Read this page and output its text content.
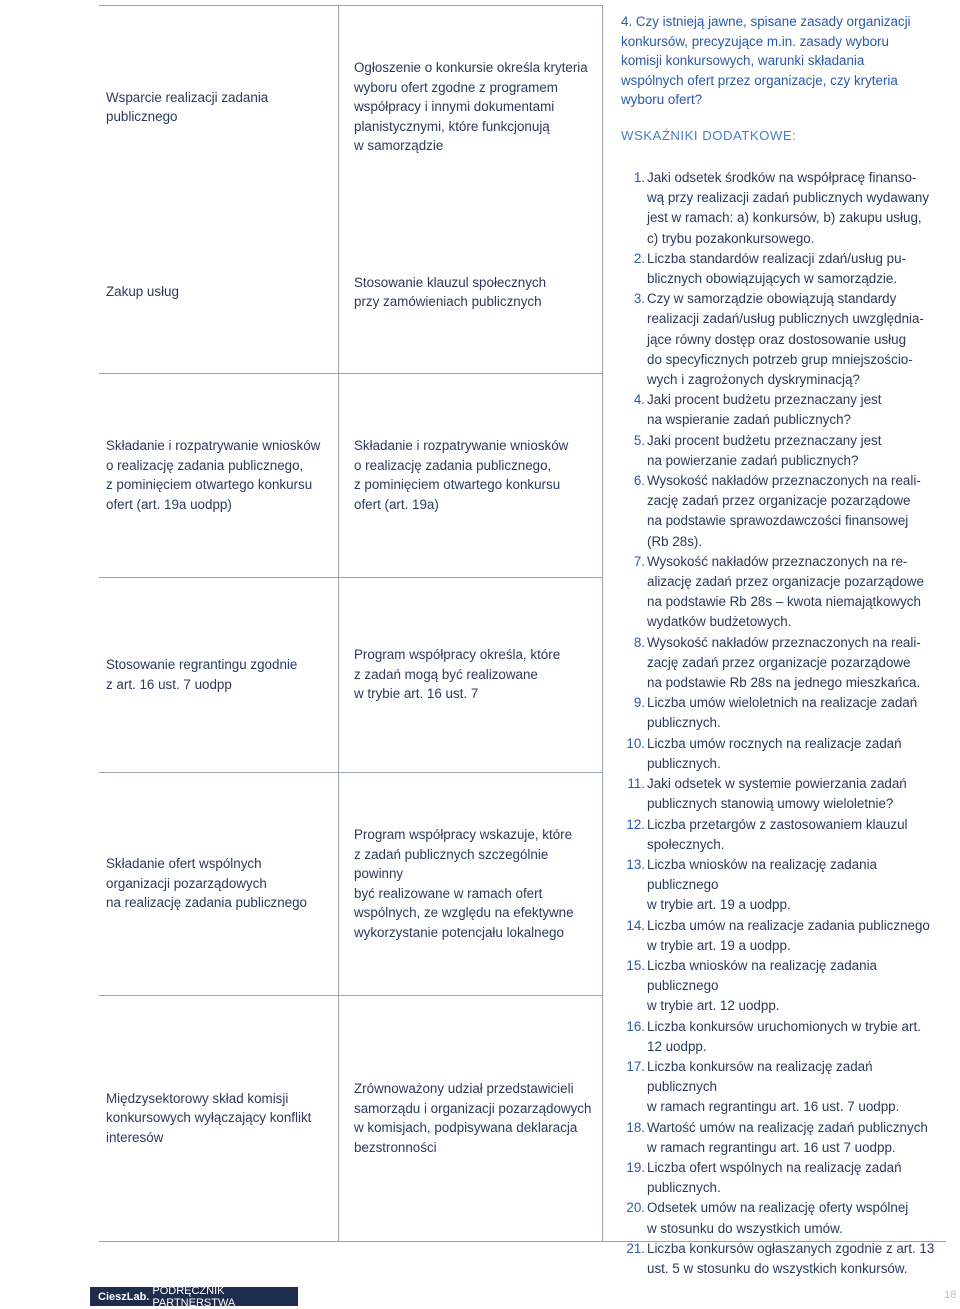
Wsparcie realizacji zadania
publicznego
Ogłoszenie o konkursie określa kryteria
wyboru ofert zgodne z programem
współpracy i innymi dokumentami
planistycznymi, które funkcjonują
w samorządzie
Zakup usług
Stosowanie klauzul społecznych
przy zamówieniach publicznych
Składanie i rozpatrywanie wniosków
o realizację zadania publicznego,
z pominięciem otwartego konkursu
ofert (art. 19a uodpp)
Składanie i rozpatrywanie wniosków
o realizację zadania publicznego,
z pominięciem otwartego konkursu
ofert (art. 19a)
Stosowanie regrantingu zgodnie
z art. 16 ust. 7 uodpp
Program współpracy określa, które
z zadań mogą być realizowane
w trybie art. 16 ust. 7
Składanie ofert wspólnych
organizacji pozarządowych
na realizację zadania publicznego
Program współpracy wskazuje, które
z zadań publicznych szczególnie powinny
być realizowane w ramach ofert
wspólnych, ze względu na efektywne
wykorzystanie potencjału lokalnego
Międzysektorowy skład komisji
konkursowych wyłączający konflikt
interesów
Zrównoważony udział przedstawicieli
samorządu i organizacji pozarządowych
w komisjach, podpisywana deklaracja
bezstronności
4. Czy istnieją jawne, spisane zasady organizacji
konkursów, precyzujące m.in. zasady wyboru
komisji konkursowych, warunki składania
wspólnych ofert przez organizacje, czy kryteria
wyboru ofert?
WSKAŹNIKI DODATKOWE:
1. Jaki odsetek środków na współpracę finanso-
wą przy realizacji zadań publicznych wydawany
jest w ramach: a) konkursów, b) zakupu usług,
c) trybu pozakonkursowego.
2. Liczba standardów realizacji zdań/usług pu-
blicznych obowiązujących w samorządzie.
3. Czy w samorządzie obowiązują standardy
realizacji zadań/usług publicznych uwzględnia-
jące równy dostęp oraz dostosowanie usług
do specyficznych potrzeb grup mniejszościo-
wych i zagrożonych dyskryminacją?
4. Jaki procent budżetu przeznaczany jest
na wspieranie zadań publicznych?
5. Jaki procent budżetu przeznaczany jest
na powierzanie zadań publicznych?
6. Wysokość nakładów przeznaczonych na reali-
zację zadań przez organizacje pozarządowe
na podstawie sprawozdawczości finansowej
(Rb 28s).
7. Wysokość nakładów przeznaczonych na re-
alizację zadań przez organizacje pozarządowe
na podstawie Rb 28s – kwota niemajątkowych
wydatków budżetowych.
8. Wysokość nakładów przeznaczonych na reali-
zację zadań przez organizacje pozarządowe
na podstawie Rb 28s na jednego mieszkańca.
9. Liczba umów wieloletnich na realizacje zadań
publicznych.
10. Liczba umów rocznych na realizacje zadań
publicznych.
11. Jaki odsetek w systemie powierzania zadań
publicznych stanowią umowy wieloletnie?
12. Liczba przetargów z zastosowaniem klauzul
społecznych.
13. Liczba wniosków na realizację zadania publicznego
w trybie art. 19 a uodpp.
14. Liczba umów na realizacje zadania publicznego
w trybie art. 19 a uodpp.
15. Liczba wniosków na realizację zadania publicznego
w trybie art. 12 uodpp.
16. Liczba konkursów uruchomionych w trybie art.
12 uodpp.
17. Liczba konkursów na realizację zadań publicznych
w ramach regrantingu art. 16 ust. 7 uodpp.
18. Wartość umów na realizację zadań publicznych
w ramach regrantingu art. 16 ust 7 uodpp.
19. Liczba ofert wspólnych na realizację zadań
publicznych.
20. Odsetek umów na realizację oferty wspólnej
w stosunku do wszystkich umów.
21. Liczba konkursów ogłaszanych zgodnie z art. 13
ust. 5 w stosunku do wszystkich konkursów.
CieszLab. PODRĘCZNIK PARTNERSTWA
18
